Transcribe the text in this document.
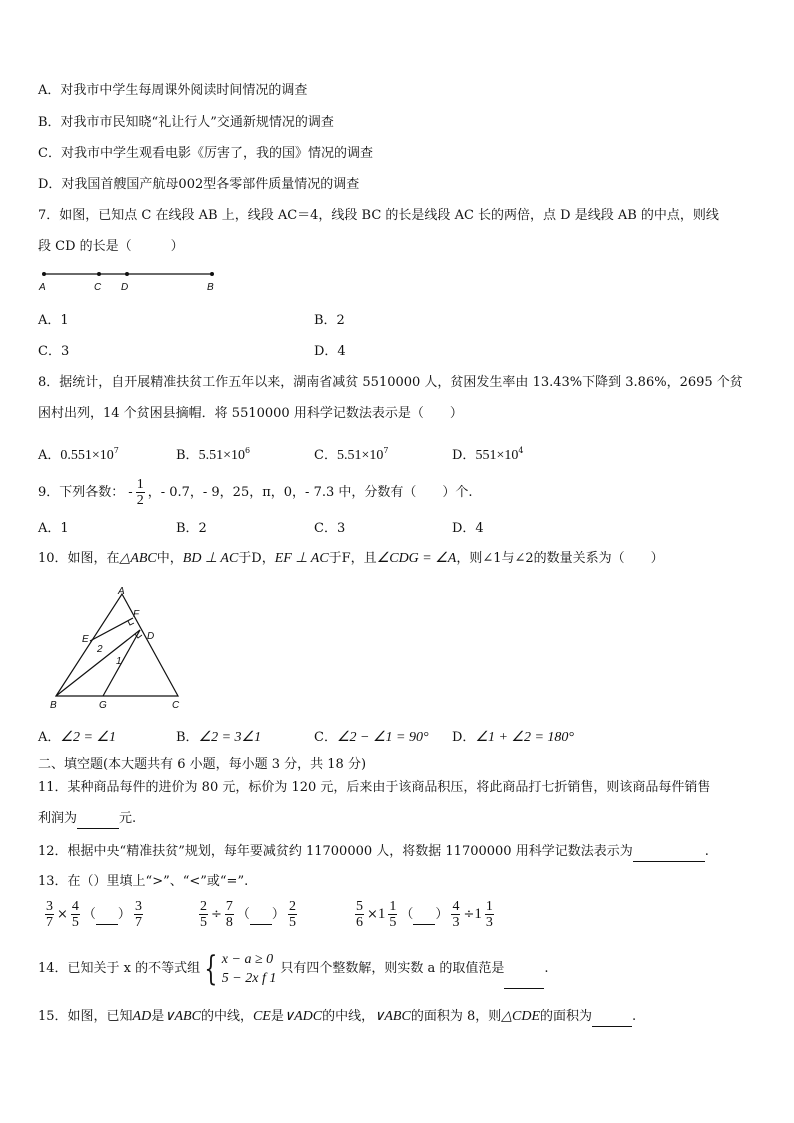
A．对我市中学生每周课外阅读时间情况的调查
B．对我市市民知晓“礼让行人”交通新规情况的调查
C．对我市中学生观看电影《厉害了，我的国》情况的调查
D．对我国首艘国产航母002型各零部件质量情况的调查
7．如图，已知点 C 在线段 AB 上，线段 AC＝4，线段 BC 的长是线段 AC 长的两倍，点 D 是线段 AB 的中点，则线
段 CD 的长是（　　　）
A	C D	B
A．1	B．2
C．3	D．4
8．据统计，自开展精准扶贫工作五年以来，湖南省减贫 5510000 人，贫困发生率由 13.43%下降到 3.86%，2695 个贫
困村出列，14 个贫困县摘帽．将 5510000 用科学记数法表示是（　　）
A．$0.551\times 10^7$	B．$5.51\times 10^6$	C．$5.51\times 10^7$	D．$551\times 10^4$
9．下列各数： - $\frac{1}{2}$ ，- 0.7，- 9，25，π，0，- 7.3 中，分数有（　　）个.
A．1	B．2	C．3	D．4
10．如图，在△ABC中，BD ⊥ AC于D，EF ⊥ AC于F，且∠CDG = ∠A，则∠1与∠2的数量关系为（　　）
A
F
E	D
2
1
B	G	C
A．∠2 = ∠1	B．∠2 = 3∠1	C．∠2 − ∠1 = 90° D．∠1 + ∠2 = 180°
二、填空题(本大题共有 6 小题，每小题 3 分，共 18 分)
11．某种商品每件的进价为 80 元，标价为 120 元，后来由于该商品积压，将此商品打七折销售，则该商品每件销售
利润为	元.
12．根据中央“精准扶贫”规划，每年要减贫约 11700000 人，将数据 11700000 用科学记数法表示为	.
13．在（）里填上“>”、“<”或“=”.
$\frac{3}{7} \times \frac{4}{5}$ （ ） $\frac{3}{7}$	$\frac{2}{5} \div \frac{7}{8}$ （ ） $\frac{2}{5}$	$\frac{5}{6} \times 1 \frac{1}{5}$ （ ） $\frac{4}{3} \div 1 \frac{1}{3}$
14．已知关于 x 的不等式组 { x − a ≥ 0
5 − 2x f 1
只有四个整数解，则实数 a 的取值范是
	.
15．如图，已知AD是∨ABC的中线，CE是∨ADC的中线，∨ABC的面积为 8，则△CDE的面积为	.
